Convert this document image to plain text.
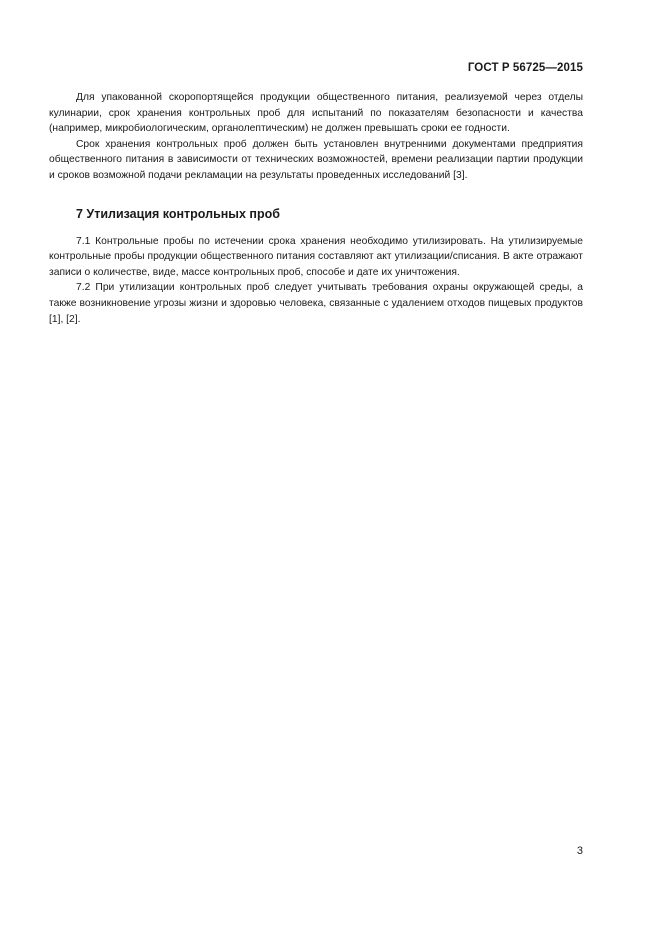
ГОСТ Р 56725—2015

Для упакованной скоропортящейся продукции общественного питания, реализуемой через отделы кулинарии, срок хранения контрольных проб для испытаний по показателям безопасности и качества (например, микробиологическим, органолептическим) не должен превышать сроки ее годности.

Срок хранения контрольных проб должен быть установлен внутренними документами предприятия общественного питания в зависимости от технических возможностей, времени реализации партии продукции и сроков возможной подачи рекламации на результаты проведенных исследований [3].

7 Утилизация контрольных проб

7.1 Контрольные пробы по истечении срока хранения необходимо утилизировать. На утилизируемые контрольные пробы продукции общественного питания составляют акт утилизации/списания. В акте отражают записи о количестве, виде, массе контрольных проб, способе и дате их уничтожения.

7.2 При утилизации контрольных проб следует учитывать требования охраны окружающей среды, а также возникновение угрозы жизни и здоровью человека, связанные с удалением отходов пищевых продуктов [1], [2].

3
